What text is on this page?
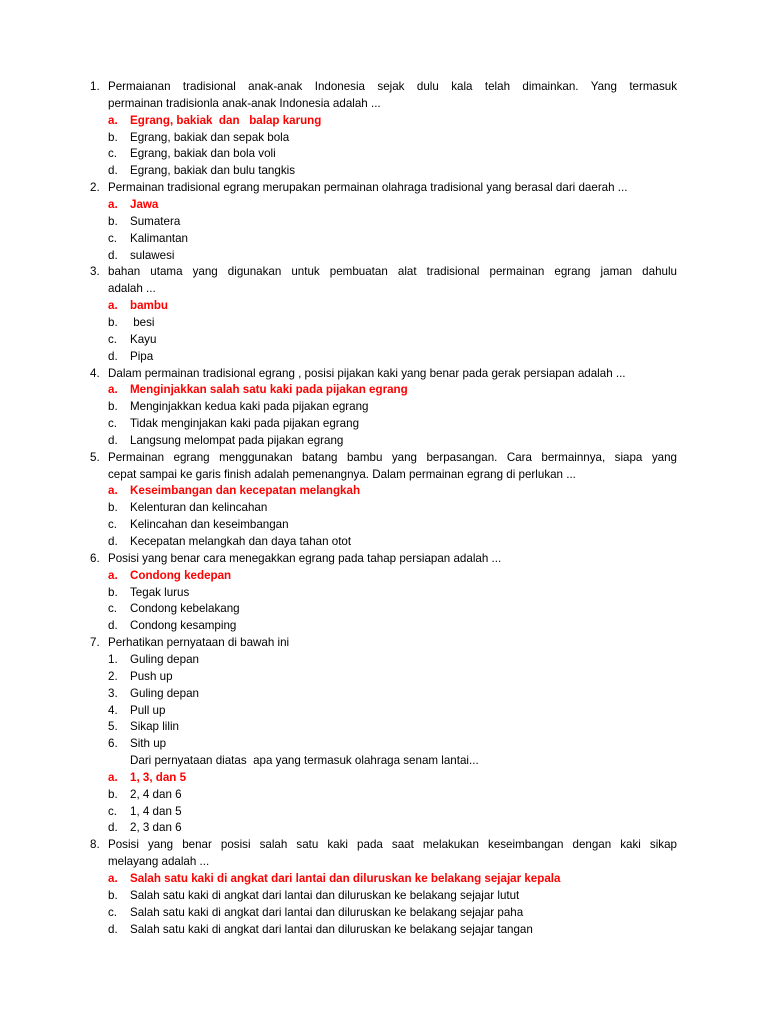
1. Permaianan tradisional anak-anak Indonesia sejak dulu kala telah dimainkan. Yang termasuk
permainan tradisionla anak-anak Indonesia adalah ...
a. Egrang, bakiak  dan   balap karung
b. Egrang, bakiak dan sepak bola
c. Egrang, bakiak dan bola voli
d. Egrang, bakiak dan bulu tangkis
2. Permainan tradisional egrang merupakan permainan olahraga tradisional yang berasal dari daerah ...
a. Jawa
b. Sumatera
c. Kalimantan
d. sulawesi
3. bahan utama yang digunakan untuk pembuatan alat tradisional permainan egrang jaman dahulu
adalah ...
a. bambu
b. besi
c. Kayu
d. Pipa
4. Dalam permainan tradisional egrang , posisi pijakan kaki yang benar pada gerak persiapan adalah ...
a. Menginjakkan salah satu kaki pada pijakan egrang
b. Menginjakkan kedua kaki pada pijakan egrang
c. Tidak menginjakan kaki pada pijakan egrang
d. Langsung melompat pada pijakan egrang
5. Permainan egrang menggunakan batang bambu yang berpasangan. Cara bermainnya, siapa yang
cepat sampai ke garis finish adalah pemenangnya. Dalam permainan egrang di perlukan ...
a. Keseimbangan dan kecepatan melangkah
b. Kelenturan dan kelincahan
c. Kelincahan dan keseimbangan
d. Kecepatan melangkah dan daya tahan otot
6. Posisi yang benar cara menegakkan egrang pada tahap persiapan adalah ...
a. Condong kedepan
b. Tegak lurus
c. Condong kebelakang
d. Condong kesamping
7. Perhatikan pernyataan di bawah ini
1. Guling depan
2. Push up
3. Guling depan
4. Pull up
5. Sikap lilin
6. Sith up
Dari pernyataan diatas  apa yang termasuk olahraga senam lantai...
a. 1, 3, dan 5
b. 2, 4 dan 6
c. 1, 4 dan 5
d. 2, 3 dan 6
8. Posisi yang benar posisi salah satu kaki pada saat melakukan keseimbangan dengan kaki sikap
melayang adalah ...
a. Salah satu kaki di angkat dari lantai dan diluruskan ke belakang sejajar kepala
b. Salah satu kaki di angkat dari lantai dan diluruskan ke belakang sejajar lutut
c. Salah satu kaki di angkat dari lantai dan diluruskan ke belakang sejajar paha
d. Salah satu kaki di angkat dari lantai dan diluruskan ke belakang sejajar tangan
